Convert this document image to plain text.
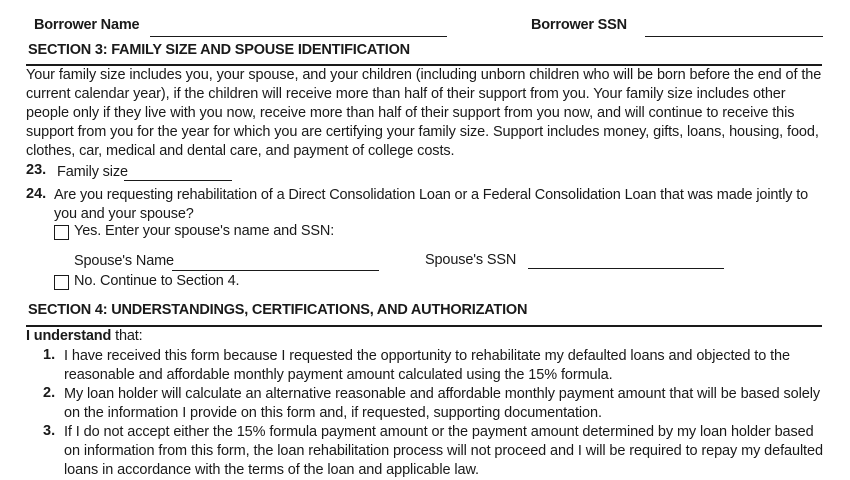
Borrower Name	Borrower SSN
SECTION 3: FAMILY SIZE AND SPOUSE IDENTIFICATION
Your family size includes you, your spouse, and your children (including unborn children who will be born before the end of the current calendar year), if the children will receive more than half of their support from you. Your family size includes other people only if they live with you now, receive more than half of their support from you now, and will continue to receive this support from you for the year for which you are certifying your family size. Support includes money, gifts, loans, housing, food, clothes, car, medical and dental care, and payment of college costs.
23. Family size
24. Are you requesting rehabilitation of a Direct Consolidation Loan or a Federal Consolidation Loan that was made jointly to you and your spouse?
Yes. Enter your spouse's name and SSN:
Spouse's Name	Spouse's SSN
No. Continue to Section 4.
SECTION 4: UNDERSTANDINGS, CERTIFICATIONS, AND AUTHORIZATION
I understand that:
1. I have received this form because I requested the opportunity to rehabilitate my defaulted loans and objected to the reasonable and affordable monthly payment amount calculated using the 15% formula.
2. My loan holder will calculate an alternative reasonable and affordable monthly payment amount that will be based solely on the information I provide on this form and, if requested, supporting documentation.
3. If I do not accept either the 15% formula payment amount or the payment amount determined by my loan holder based on information from this form, the loan rehabilitation process will not proceed and I will be required to repay my defaulted loans in accordance with the terms of the loan and applicable law.
